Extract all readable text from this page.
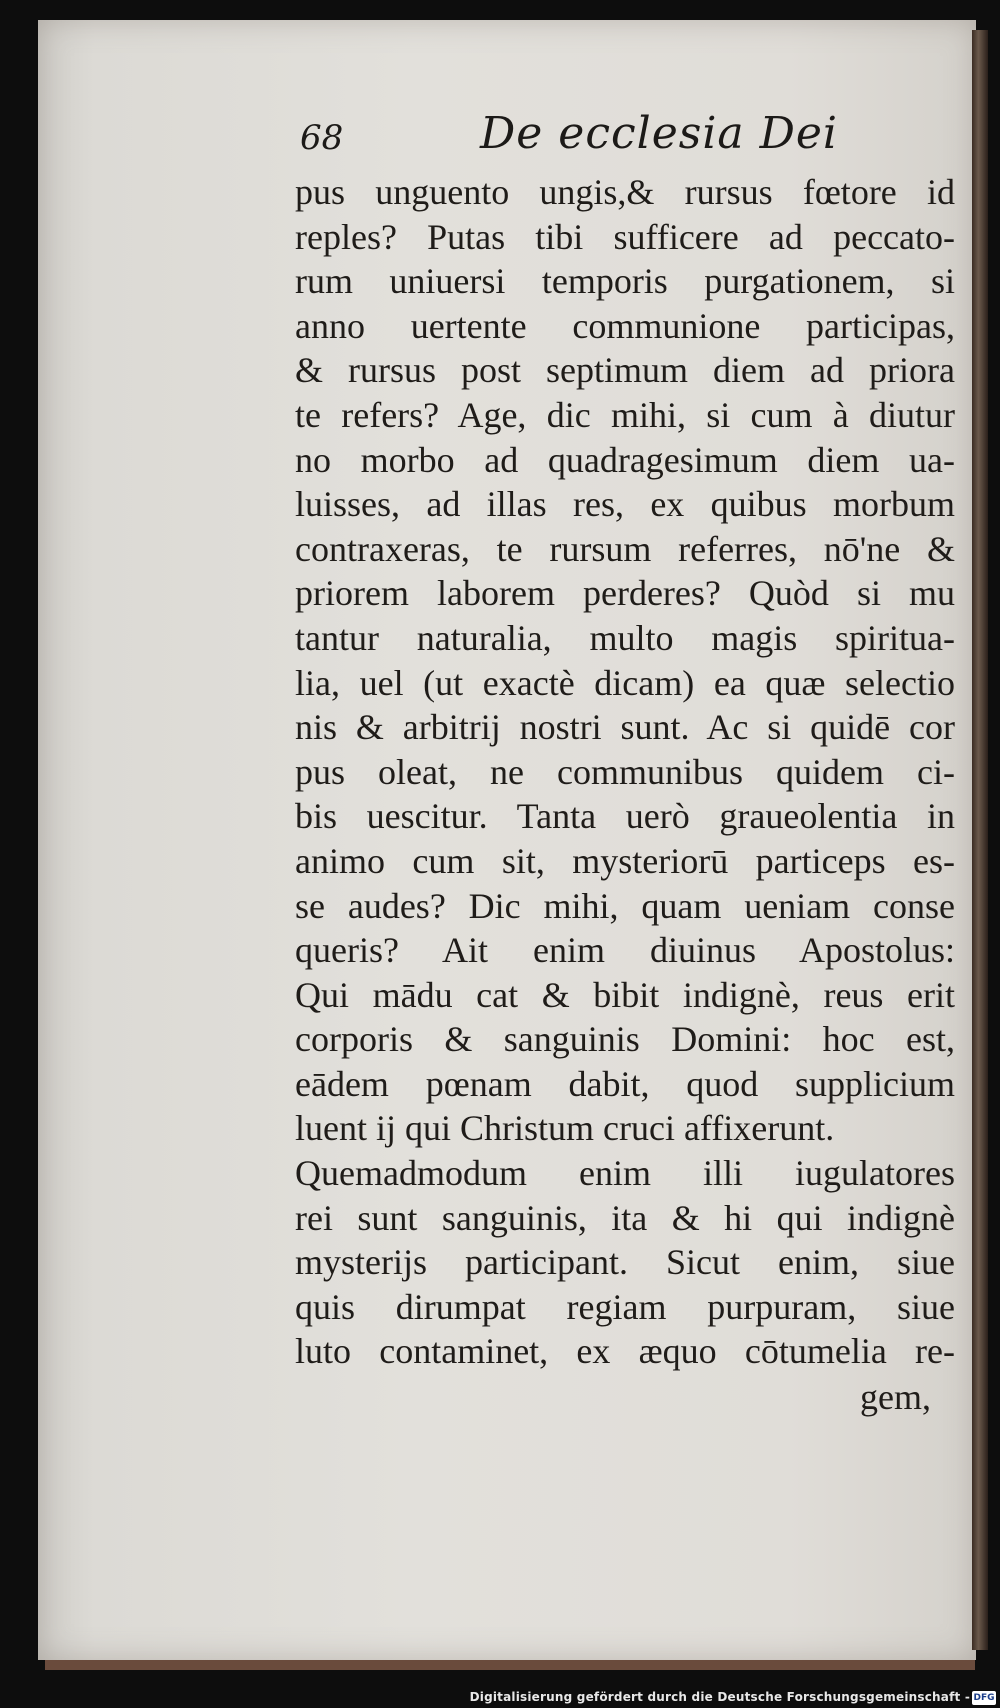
68	De ecclesia Dei
pus unguento ungis,& rursus fœtore id
reples? Putas tibi sufficere ad peccato-
rum uniuersi temporis purgationem, si
anno uertente communione participas,
& rursus post septimum diem ad priora
te refers? Age, dic mihi, si cum à diutur
no morbo ad quadragesimum diem ua-
luisses, ad illas res, ex quibus morbum
contraxeras, te rursum referres, nō'ne &
priorem laborem perderes? Quòd si mu
tantur naturalia, multo magis spiritua-
lia, uel (ut exactè dicam) ea quæ selectio
nis & arbitrij nostri sunt. Ac si quidē cor
pus oleat, ne communibus quidem ci-
bis uescitur. Tanta uerò graueolentia in
animo cum sit, mysteriorū particeps es-
se audes? Dic mihi, quam ueniam conse
queris? Ait enim diuinus Apostolus:
Qui mādu cat & bibit indignè, reus erit
corporis & sanguinis Domini: hoc est,
eādem pœnam dabit, quod supplicium
luent ij qui Christum cruci affixerunt.
Quemadmodum enim illi iugulatores
rei sunt sanguinis, ita & hi qui indignè
mysterijs participant. Sicut enim, siue
quis dirumpat regiam purpuram, siue
luto contaminet, ex æquo cōtumelia re-
gem,
Digitalisierung gefördert durch die Deutsche Forschungsgemeinschaft - DFG
